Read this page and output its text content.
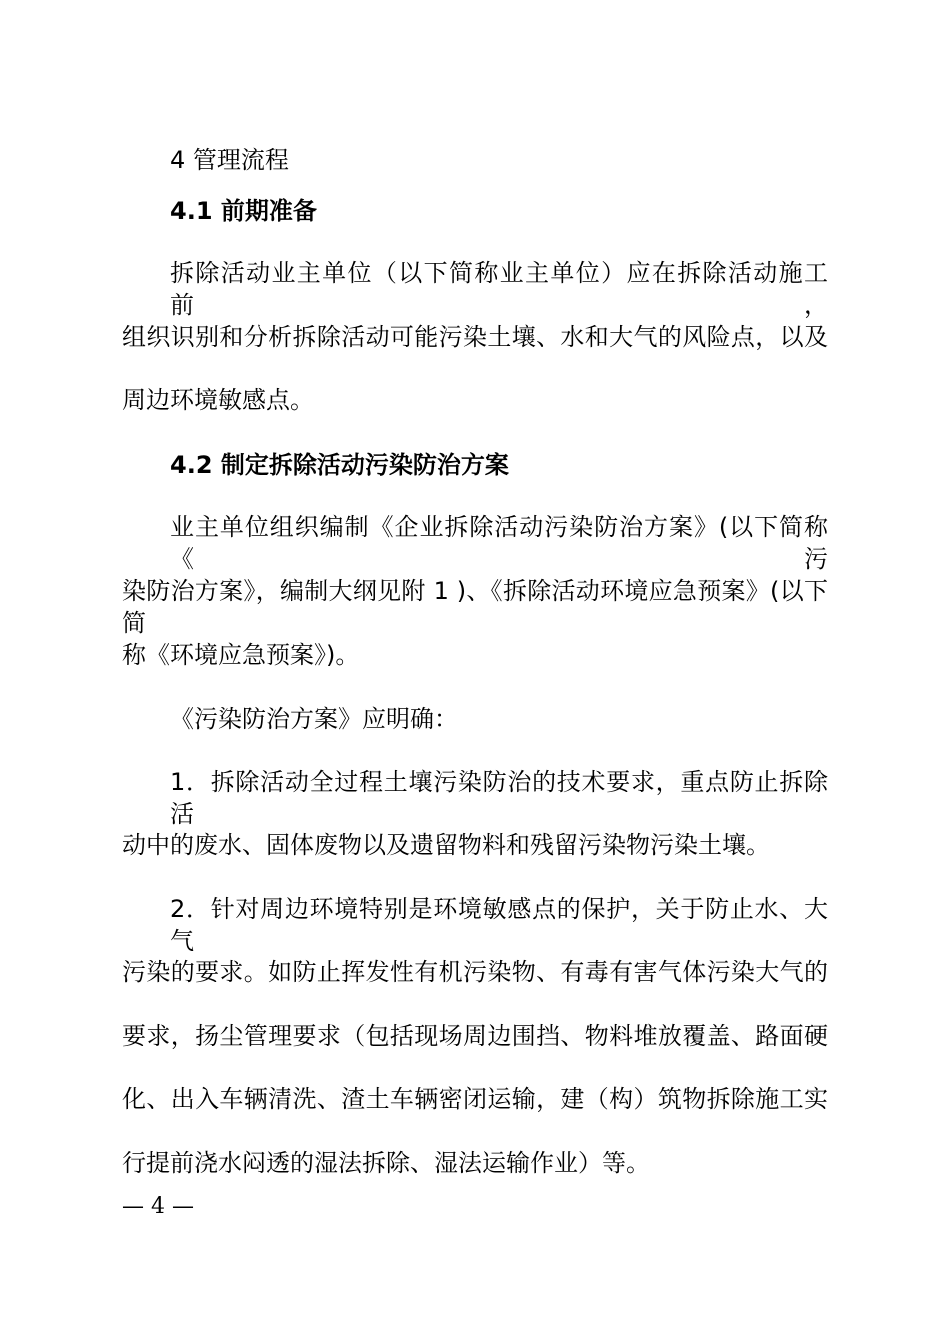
4 管理流程
4.1 前期准备
拆除活动业主单位（以下简称业主单位）应在拆除活动施工前，
组织识别和分析拆除活动可能污染土壤、水和大气的风险点，以及
周边环境敏感点。
4.2 制定拆除活动污染防治方案
业主单位组织编制《企业拆除活动污染防治方案》(以下简称《污
染防治方案》，编制大纲见附 1 )、《拆除活动环境应急预案》(以下简
称《环境应急预案》)。
《污染防治方案》应明确：
1．拆除活动全过程土壤污染防治的技术要求，重点防止拆除活
动中的废水、固体废物以及遗留物料和残留污染物污染土壤。
2．针对周边环境特别是环境敏感点的保护，关于防止水、大气
污染的要求。如防止挥发性有机污染物、有毒有害气体污染大气的
要求，扬尘管理要求（包括现场周边围挡、物料堆放覆盖、路面硬
化、出入车辆清洗、渣土车辆密闭运输，建（构）筑物拆除施工实
行提前浇水闷透的湿法拆除、湿法运输作业）等。
— 4 —
